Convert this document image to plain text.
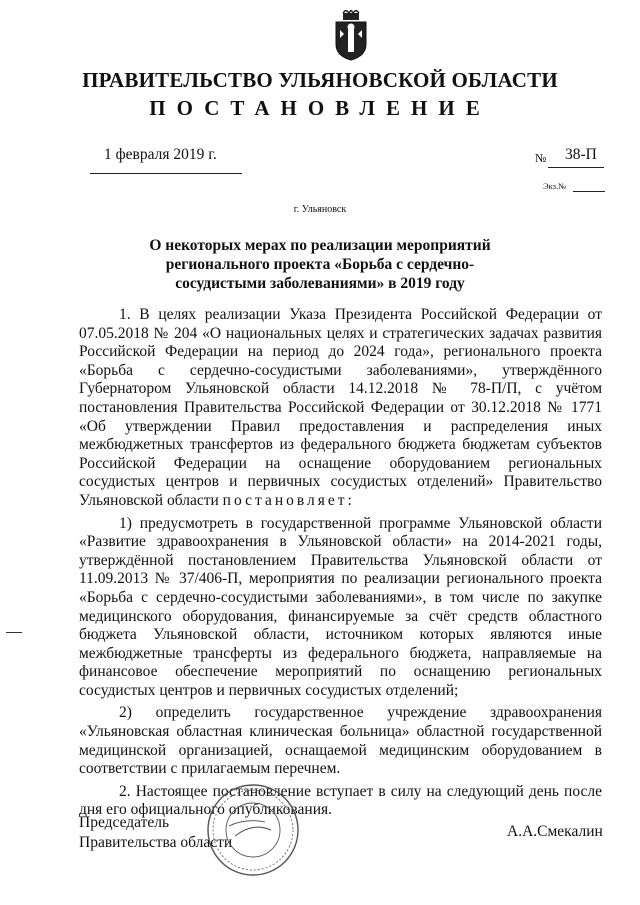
ПРАВИТЕЛЬСТВО УЛЬЯНОВСКОЙ ОБЛАСТИ
ПОСТАНОВЛЕНИЕ
1 февраля 2019 г.	№ 38-П
Экз.№
г. Ульяновск
О некоторых мерах по реализации мероприятий регионального проекта «Борьба с сердечно-сосудистыми заболеваниями» в 2019 году

1. В целях реализации Указа Президента Российской Федерации от 07.05.2018 № 204 «О национальных целях и стратегических задачах развития Российской Федерации на период до 2024 года», регионального проекта «Борьба с сердечно-сосудистыми заболеваниями», утверждённого Губернатором Ульяновской области 14.12.2018 № 78-П/П, с учётом постановления Правительства Российской Федерации от 30.12.2018 № 1771 «Об утверждении Правил предоставления и распределения иных межбюджетных трансфертов из федерального бюджета бюджетам субъектов Российской Федерации на оснащение оборудованием региональных сосудистых центров и первичных сосудистых отделений» Правительство Ульяновской области постановляет:

1) предусмотреть в государственной программе Ульяновской области «Развитие здравоохранения в Ульяновской области» на 2014-2021 годы, утверждённой постановлением Правительства Ульяновской области от 11.09.2013 № 37/406-П, мероприятия по реализации регионального проекта «Борьба с сердечно-сосудистыми заболеваниями», в том числе по закупке медицинского оборудования, финансируемые за счёт средств областного бюджета Ульяновской области, источником которых являются иные межбюджетные трансферты из федерального бюджета, направляемые на финансовое обеспечение мероприятий по оснащению региональных сосудистых центров и первичных сосудистых отделений;

2) определить государственное учреждение здравоохранения «Ульяновская областная клиническая больница» областной государственной медицинской организацией, оснащаемой медицинским оборудованием в соответствии с прилагаемым перечнем.

2. Настоящее постановление вступает в силу на следующий день после дня его официального опубликования.

Председатель
Правительства области
А.А.Смекалин
